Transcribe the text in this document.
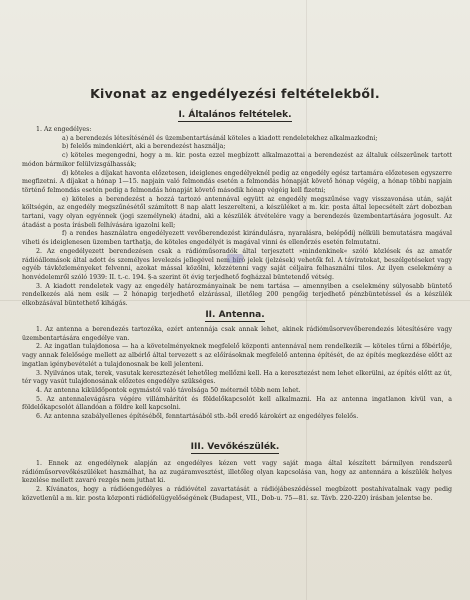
Kivonat az engedélyezési feltételekből.
I. Általános feltételek.

1. Az engedélyes:

a) a berendezés létesítésénél és üzembentartásánál köteles a kiadott rendeletekhez alkalmazkodni;

b) felelős mindenkiért, aki a berendezést használja;

c) köteles megengedni, hogy a m. kir. posta ezzel megbízott alkalmazottai a berendezést az általuk célszerűnek tartott módon bármikor felülvizsgálhassák;

d) köteles a díjakat havonta előzetesen, ideiglenes engedélyeknél pedig az engedély egész tartamára előzetesen egyszerre megfizetni. A díjakat a hónap 1—15. napjain való felmondás esetén a felmondás hónapját követő hónap végéig, a hónap többi napjain történő felmondás esetén pedig a felmondás hónapját követő második hónap végéig kell fizetni;

e) köteles a berendezést a hozzá tartozó antennával együtt az engedély megszűnése vagy visszavonása után, saját költségén, az engedély megszűnésétől számított 8 nap alatt leszerelteni, a készüléket a m. kir. posta által lepecsételt zárt dobozban tartani, vagy olyan egyénnek (jogi személynek) átadni, aki a készülék átvételére vagy a berendezés üzembentartására jogosult. Az átadást a posta írásbeli felhívására igazolni kell;

f) a rendes használatra engedélyezett vevőberendezést kirándulásra, nyaralásra, belépődíj nélküli bemutatásra magával viheti és ideiglenesen üzemben tarthatja, de köteles engedélyét is magával vinni és ellenőrzés esetén felmutatni.

2. Az engedélyezett berendezésen csak a rádióműsoradók által terjesztett »mindenkinek« szóló közlések és az amatőr rádióállomások által adott és személyes levelezés jellegével nem bíró jelek (jelzések) vehetők fel. A távíratokat, beszélgetéseket vagy egyéb távközleményeket felvenni, azokat mással közölni, közzétenni vagy saját céljaira felhasználni tilos. Az ilyen cselekmény a honvédelemről szóló 1939: II. t.-c. 194. §-a szerint öt évig terjedhető fogházzal büntetendő vétség.

3. A kiadott rendeletek vagy az engedély határozmányainak be nem tartása — amennyiben a cselekmény súlyosabb büntető rendelkezés alá nem esik — 2 hónapig terjedhető elzárással, illetőleg 200 pengőig terjedhető pénzbüntetéssel és a készülék elkobzásával büntethető kihágás.

II. Antenna.

1. Az antenna a berendezés tartozéka, ezért antennája csak annak lehet, akinek rádióműsorvevőberendezés létesítésére vagy üzembentartására engedélye van.

2. Az ingatlan tulajdonosa — ha a követelményeknek megfelelő központi antennával nem rendelkezik — köteles tűrni a főbérlője, vagy annak felelősége mellett az albérlő által tervezett s az előírásoknak megfelelő antenna építését, de az építés megkezdése előtt az ingatlan igénybevételét a tulajdonosnak be kell jelenteni.

3. Nyilvános utak, terek, vasutak keresztezését lehetőleg mellőzni kell. Ha a keresztezést nem lehet elkerülni, az építés előtt az út, tér vagy vasút tulajdonosának előzetes engedélye szükséges.

4. Az antenna kiküldőpontok egymástól való távolsága 50 méternél több nem lehet.

5. Az antennalevágásra végére villámhárítót és földelőkapcsolót kell alkalmazni. Ha az antenna ingatlanon kívül van, a földelőkapcsolót állandóan a földre kell kapcsolni.

6. Az antenna szabályellenes építéséből, fenntartásából stb.-ből eredő károkért az engedélyes felelős.

III. Vevőkészülék.

1. Ennek az engedélynek alapján az engedélyes kézen vett vagy saját maga által készített bármilyen rendszerű rádióműsorvevőkészüléket használhat, ha az zugáramvesztést, illetőleg olyan kapcsolása van, hogy az antennára a készülék helyes kezelése mellett zavaró rezgés nem juthat ki.

2. Kívánatos, hogy a rádióengedélyes a rádióvétel zavartatását a rádiójábeszédéssel megbízott postahivatalnak vagy pedig közvetlenül a m. kir. posta központi rádiófelügyelőségének (Budapest, VII., Dob-u. 75—81. sz. Távb. 220-220) írásban jelentse be.
